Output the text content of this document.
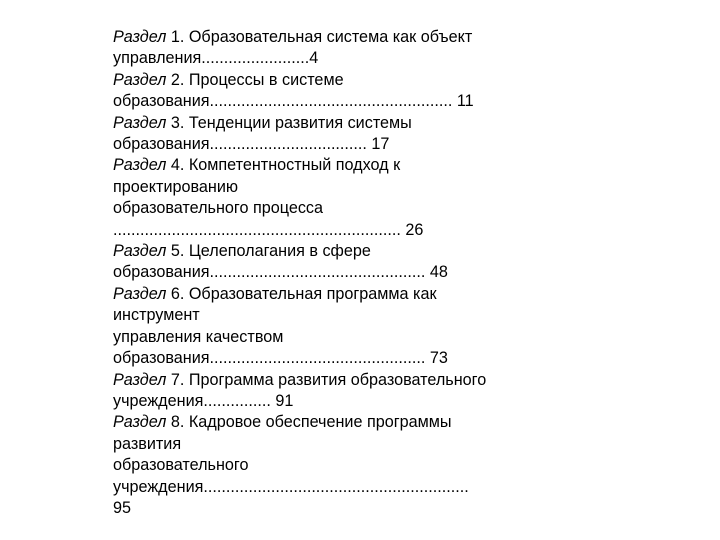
Раздел 1. Образовательная система как объект
управления........................4
Раздел 2. Процессы в системе
образования...................................................... 11
Раздел 3. Тенденции развития системы
образования................................... 17
Раздел 4. Компетентностный подход к
проектированию
образовательного процесса
................................................................ 26
Раздел 5. Целеполагания в сфере
образования................................................ 48
Раздел 6. Образовательная программа как
инструмент
управления качеством
образования................................................ 73
Раздел 7. Программа развития образовательного
учреждения............... 91
Раздел 8. Кадровое обеспечение программы
развития
образовательного
учреждения...........................................................
95
